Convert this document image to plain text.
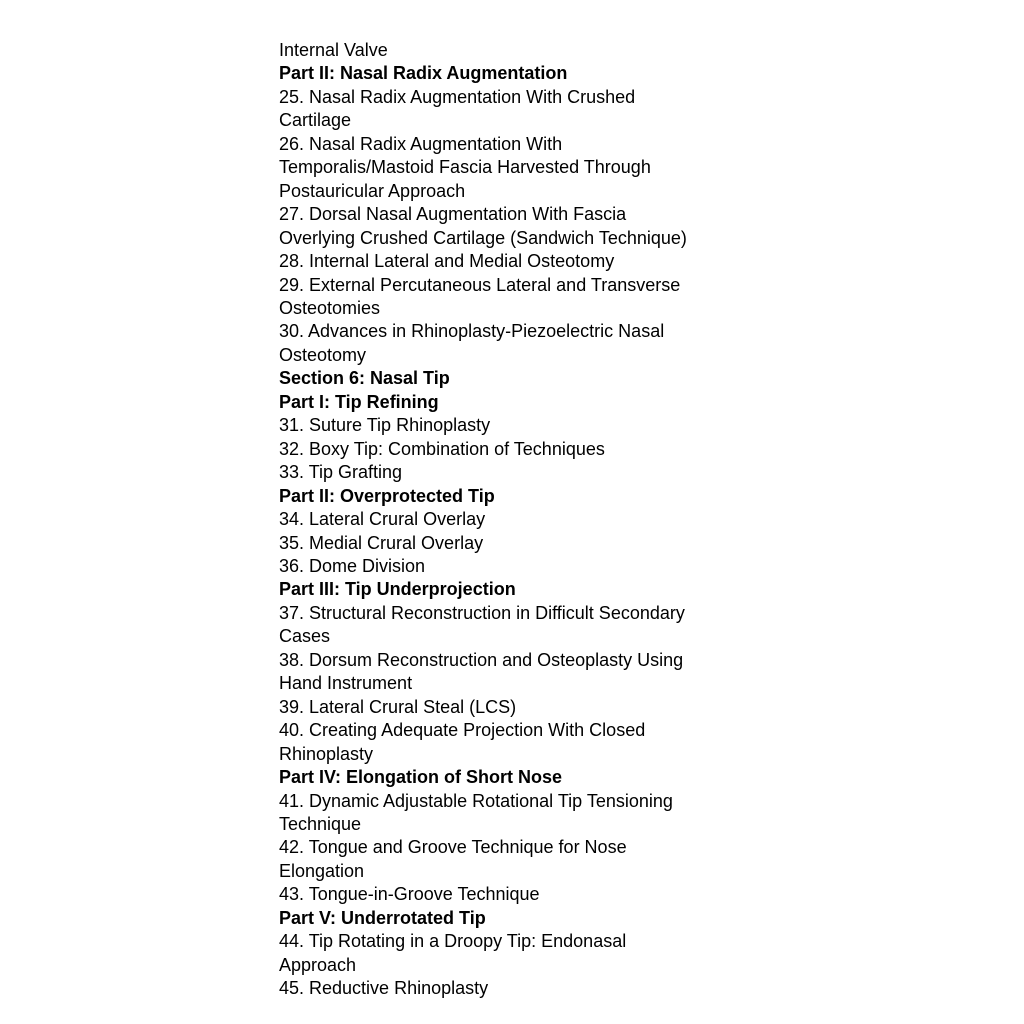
Internal Valve
Part II: Nasal Radix Augmentation
25. Nasal Radix Augmentation With Crushed
Cartilage
26. Nasal Radix Augmentation With
Temporalis/Mastoid Fascia Harvested Through
Postauricular Approach
27. Dorsal Nasal Augmentation With Fascia
Overlying Crushed Cartilage (Sandwich Technique)
28. Internal Lateral and Medial Osteotomy
29. External Percutaneous Lateral and Transverse
Osteotomies
30. Advances in Rhinoplasty-Piezoelectric Nasal
Osteotomy
Section 6: Nasal Tip
Part I: Tip Refining
31. Suture Tip Rhinoplasty
32. Boxy Tip: Combination of Techniques
33. Tip Grafting
Part II: Overprotected Tip
34. Lateral Crural Overlay
35. Medial Crural Overlay
36. Dome Division
Part III: Tip Underprojection
37. Structural Reconstruction in Difficult Secondary
Cases
38. Dorsum Reconstruction and Osteoplasty Using
Hand Instrument
39. Lateral Crural Steal (LCS)
40. Creating Adequate Projection With Closed
Rhinoplasty
Part IV: Elongation of Short Nose
41. Dynamic Adjustable Rotational Tip Tensioning
Technique
42. Tongue and Groove Technique for Nose
Elongation
43. Tongue-in-Groove Technique
Part V: Underrotated Tip
44. Tip Rotating in a Droopy Tip: Endonasal
Approach
45. Reductive Rhinoplasty
